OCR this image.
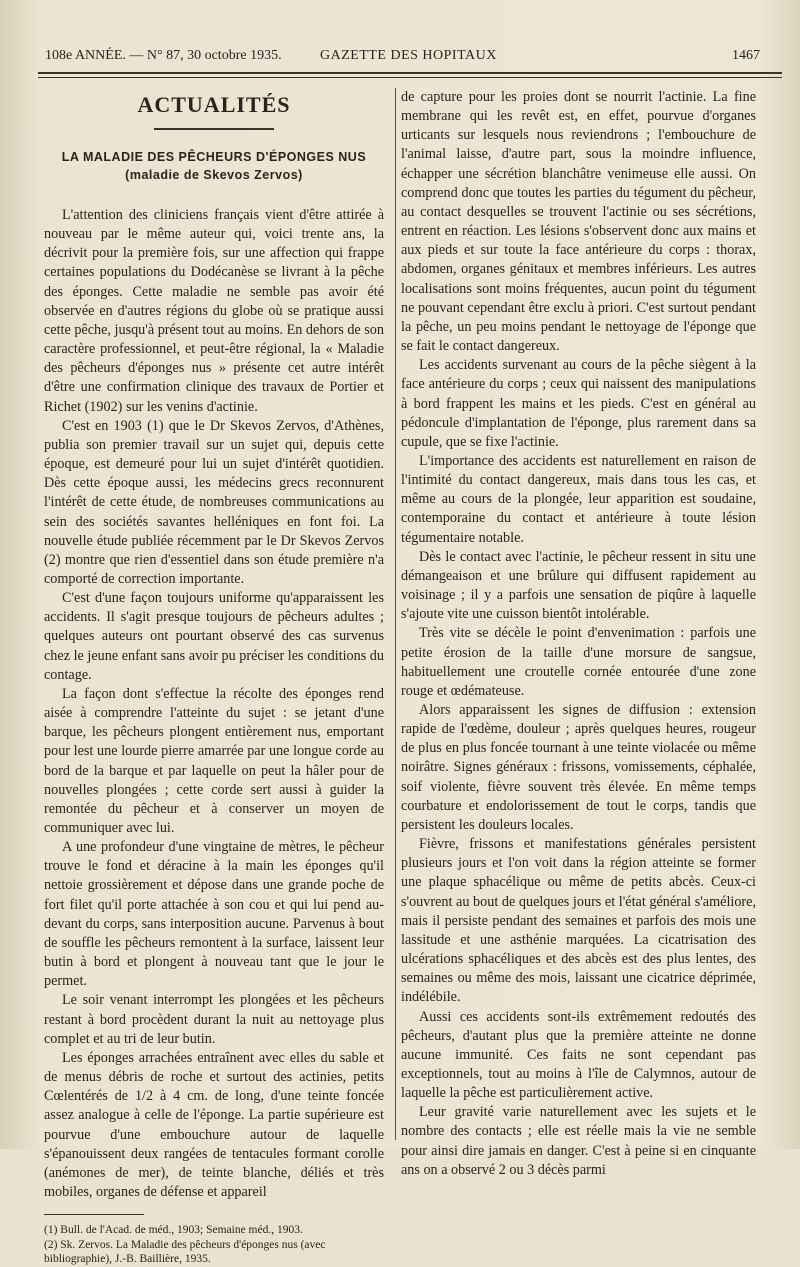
108e ANNÉE. — N° 87, 30 octobre 1935.	GAZETTE DES HOPITAUX	1467
ACTUALITÉS
LA MALADIE DES PÊCHEURS D'ÉPONGES NUS
(maladie de Skevos Zervos)

L'attention des cliniciens français vient d'être attirée à nouveau par le même auteur qui, voici trente ans, la décrivit pour la première fois, sur une affection qui frappe certaines populations du Dodécanèse se livrant à la pêche des éponges. Cette maladie ne semble pas avoir été observée en d'autres régions du globe où se pratique aussi cette pêche, jusqu'à présent tout au moins. En dehors de son caractère professionnel, et peut-être régional, la « Maladie des pêcheurs d'éponges nus » présente cet autre intérêt d'être une confirmation clinique des travaux de Portier et Richet (1902) sur les venins d'actinie.

C'est en 1903 (1) que le Dr Skevos Zervos, d'Athènes, publia son premier travail sur un sujet qui, depuis cette époque, est demeuré pour lui un sujet d'intérêt quotidien. Dès cette époque aussi, les médecins grecs reconnurent l'intérêt de cette étude, de nombreuses communications au sein des sociétés savantes helléniques en font foi. La nouvelle étude publiée récemment par le Dr Skevos Zervos (2) montre que rien d'essentiel dans son étude première n'a comporté de correction importante.

C'est d'une façon toujours uniforme qu'apparaissent les accidents. Il s'agit presque toujours de pêcheurs adultes ; quelques auteurs ont pourtant observé des cas survenus chez le jeune enfant sans avoir pu préciser les conditions du contage.

La façon dont s'effectue la récolte des éponges rend aisée à comprendre l'atteinte du sujet : se jetant d'une barque, les pêcheurs plongent entièrement nus, emportant pour lest une lourde pierre amarrée par une longue corde au bord de la barque et par laquelle on peut la hâler pour de nouvelles plongées ; cette corde sert aussi à guider la remontée du pêcheur et à conserver un moyen de communiquer avec lui.

A une profondeur d'une vingtaine de mètres, le pêcheur trouve le fond et déracine à la main les éponges qu'il nettoie grossièrement et dépose dans une grande poche de fort filet qu'il porte attachée à son cou et qui lui pend au-devant du corps, sans interposition aucune. Parvenus à bout de souffle les pêcheurs remontent à la surface, laissent leur butin à bord et plongent à nouveau tant que le jour le permet.

Le soir venant interrompt les plongées et les pêcheurs restant à bord procèdent durant la nuit au nettoyage plus complet et au tri de leur butin.

Les éponges arrachées entraînent avec elles du sable et de menus débris de roche et surtout des actinies, petits Cœlentérés de 1/2 à 4 cm. de long, d'une teinte foncée assez analogue à celle de l'éponge. La partie supérieure est pourvue d'une embouchure autour de laquelle s'épanouissent deux rangées de tentacules formant corolle (anémones de mer), de teinte blanche, déliés et très mobiles, organes de défense et appareil

(1) Bull. de l'Acad. de méd., 1903; Semaine méd., 1903.
(2) Sk. Zervos. La Maladie des pêcheurs d'éponges nus (avec bibliographie), J.-B. Baillière, 1935.

de capture pour les proies dont se nourrit l'actinie. La fine membrane qui les revêt est, en effet, pourvue d'organes urticants sur lesquels nous reviendrons ; l'embouchure de l'animal laisse, d'autre part, sous la moindre influence, échapper une sécrétion blanchâtre venimeuse elle aussi. On comprend donc que toutes les parties du tégument du pêcheur, au contact desquelles se trouvent l'actinie ou ses sécrétions, entrent en réaction. Les lésions s'observent donc aux mains et aux pieds et sur toute la face antérieure du corps : thorax, abdomen, organes génitaux et membres inférieurs. Les autres localisations sont moins fréquentes, aucun point du tégument ne pouvant cependant être exclu à priori. C'est surtout pendant la pêche, un peu moins pendant le nettoyage de l'éponge que se fait le contact dangereux.

Les accidents survenant au cours de la pêche siègent à la face antérieure du corps ; ceux qui naissent des manipulations à bord frappent les mains et les pieds. C'est en général au pédoncule d'implantation de l'éponge, plus rarement dans sa cupule, que se fixe l'actinie.

L'importance des accidents est naturellement en raison de l'intimité du contact dangereux, mais dans tous les cas, et même au cours de la plongée, leur apparition est soudaine, contemporaine du contact et antérieure à toute lésion tégumentaire notable.

Dès le contact avec l'actinie, le pêcheur ressent in situ une démangeaison et une brûlure qui diffusent rapidement au voisinage ; il y a parfois une sensation de piqûre à laquelle s'ajoute vite une cuisson bientôt intolérable.

Très vite se décèle le point d'envenimation : parfois une petite érosion de la taille d'une morsure de sangsue, habituellement une croutelle cornée entourée d'une zone rouge et œdémateuse.

Alors apparaissent les signes de diffusion : extension rapide de l'œdème, douleur ; après quelques heures, rougeur de plus en plus foncée tournant à une teinte violacée ou même noirâtre. Signes généraux : frissons, vomissements, céphalée, soif violente, fièvre souvent très élevée. En même temps courbature et endolorissement de tout le corps, tandis que persistent les douleurs locales.

Fièvre, frissons et manifestations générales persistent plusieurs jours et l'on voit dans la région atteinte se former une plaque sphacélique ou même de petits abcès. Ceux-ci s'ouvrent au bout de quelques jours et l'état général s'améliore, mais il persiste pendant des semaines et parfois des mois une lassitude et une asthénie marquées. La cicatrisation des ulcérations sphacéliques et des abcès est des plus lentes, des semaines ou même des mois, laissant une cicatrice déprimée, indélébile.

Aussi ces accidents sont-ils extrêmement redoutés des pêcheurs, d'autant plus que la première atteinte ne donne aucune immunité. Ces faits ne sont cependant pas exceptionnels, tout au moins à l'île de Calymnos, autour de laquelle la pêche est particulièrement active.

Leur gravité varie naturellement avec les sujets et le nombre des contacts ; elle est réelle mais la vie ne semble pour ainsi dire jamais en danger. C'est à peine si en cinquante ans on a observé 2 ou 3 décès parmi
